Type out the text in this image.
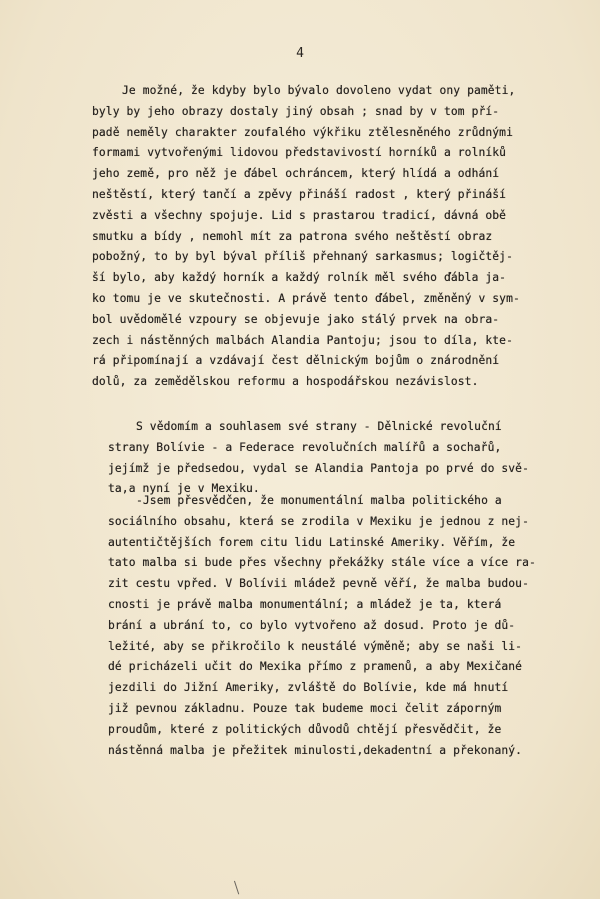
4
Je možné, že kdyby bylo bývalo dovoleno vydat ony paměti,
byly by jeho obrazy dostaly jiný obsah ; snad by v tom pří-
padě neměly charakter zoufalého výkřiku ztělesněného zrůdnými
formami vytvořenými lidovou představivostí horníků a rolníků
jeho země, pro něž je ďábel ochráncem, který hlídá a odhání
neštěstí, který tančí a zpěvy přináší radost , který přináší
zvěsti a všechny spojuje. Lid s prastarou tradicí, dávná obě
smutku a bídy , nemohl mít za patrona svého neštěstí obraz
pobožný, to by byl býval příliš přehnaný sarkasmus; logičtěj-
ší bylo, aby každý horník a každý rolník měl svého ďábla ja-
ko tomu je ve skutečnosti. A právě tento ďábel, změněný v sym-
bol uvědomělé vzpoury se objevuje jako stálý prvek na obra-
zech i nástěnných malbách Alandia Pantoju; jsou to díla, kte-
rá připomínají a vzdávají čest dělnickým bojům o znárodnění
dolů, za zemědělskou reformu a hospodářskou nezávislost.
S vědomím a souhlasem své strany - Dělnické revoluční
strany Bolívie - a Federace revolučních malířů a sochařů,
jejímž je předsedou, vydal se Alandia Pantoja po prvé do svě-
ta,a nyní je v Mexiku.
-Jsem přesvědčen, že monumentální malba politického a
sociálního obsahu, která se zrodila v Mexiku je jednou z nej-
autentičtějších forem citu lidu Latinské Ameriky. Věřím, že
tato malba si bude přes všechny překážky stále více a více ra-
zit cestu vpřed. V Bolívii mládež pevně věří, že malba budou-
cnosti je právě malba monumentální; a mládež je ta, která
brání a ubrání to, co bylo vytvořeno až dosud. Proto je dů-
ležité, aby se přikročilo k neustálé výměně; aby se naši li-
dé pricházeli učit do Mexika přímo z pramenů, a aby Mexičané
jezdili do Jižní Ameriky, zvláště do Bolívie, kde má hnutí
již pevnou základnu. Pouze tak budeme moci čelit záporným
proudům, které z politických důvodů chtějí přesvědčit, že
nástěnná malba je přežitek minulosti,dekadentní a překonaný.
